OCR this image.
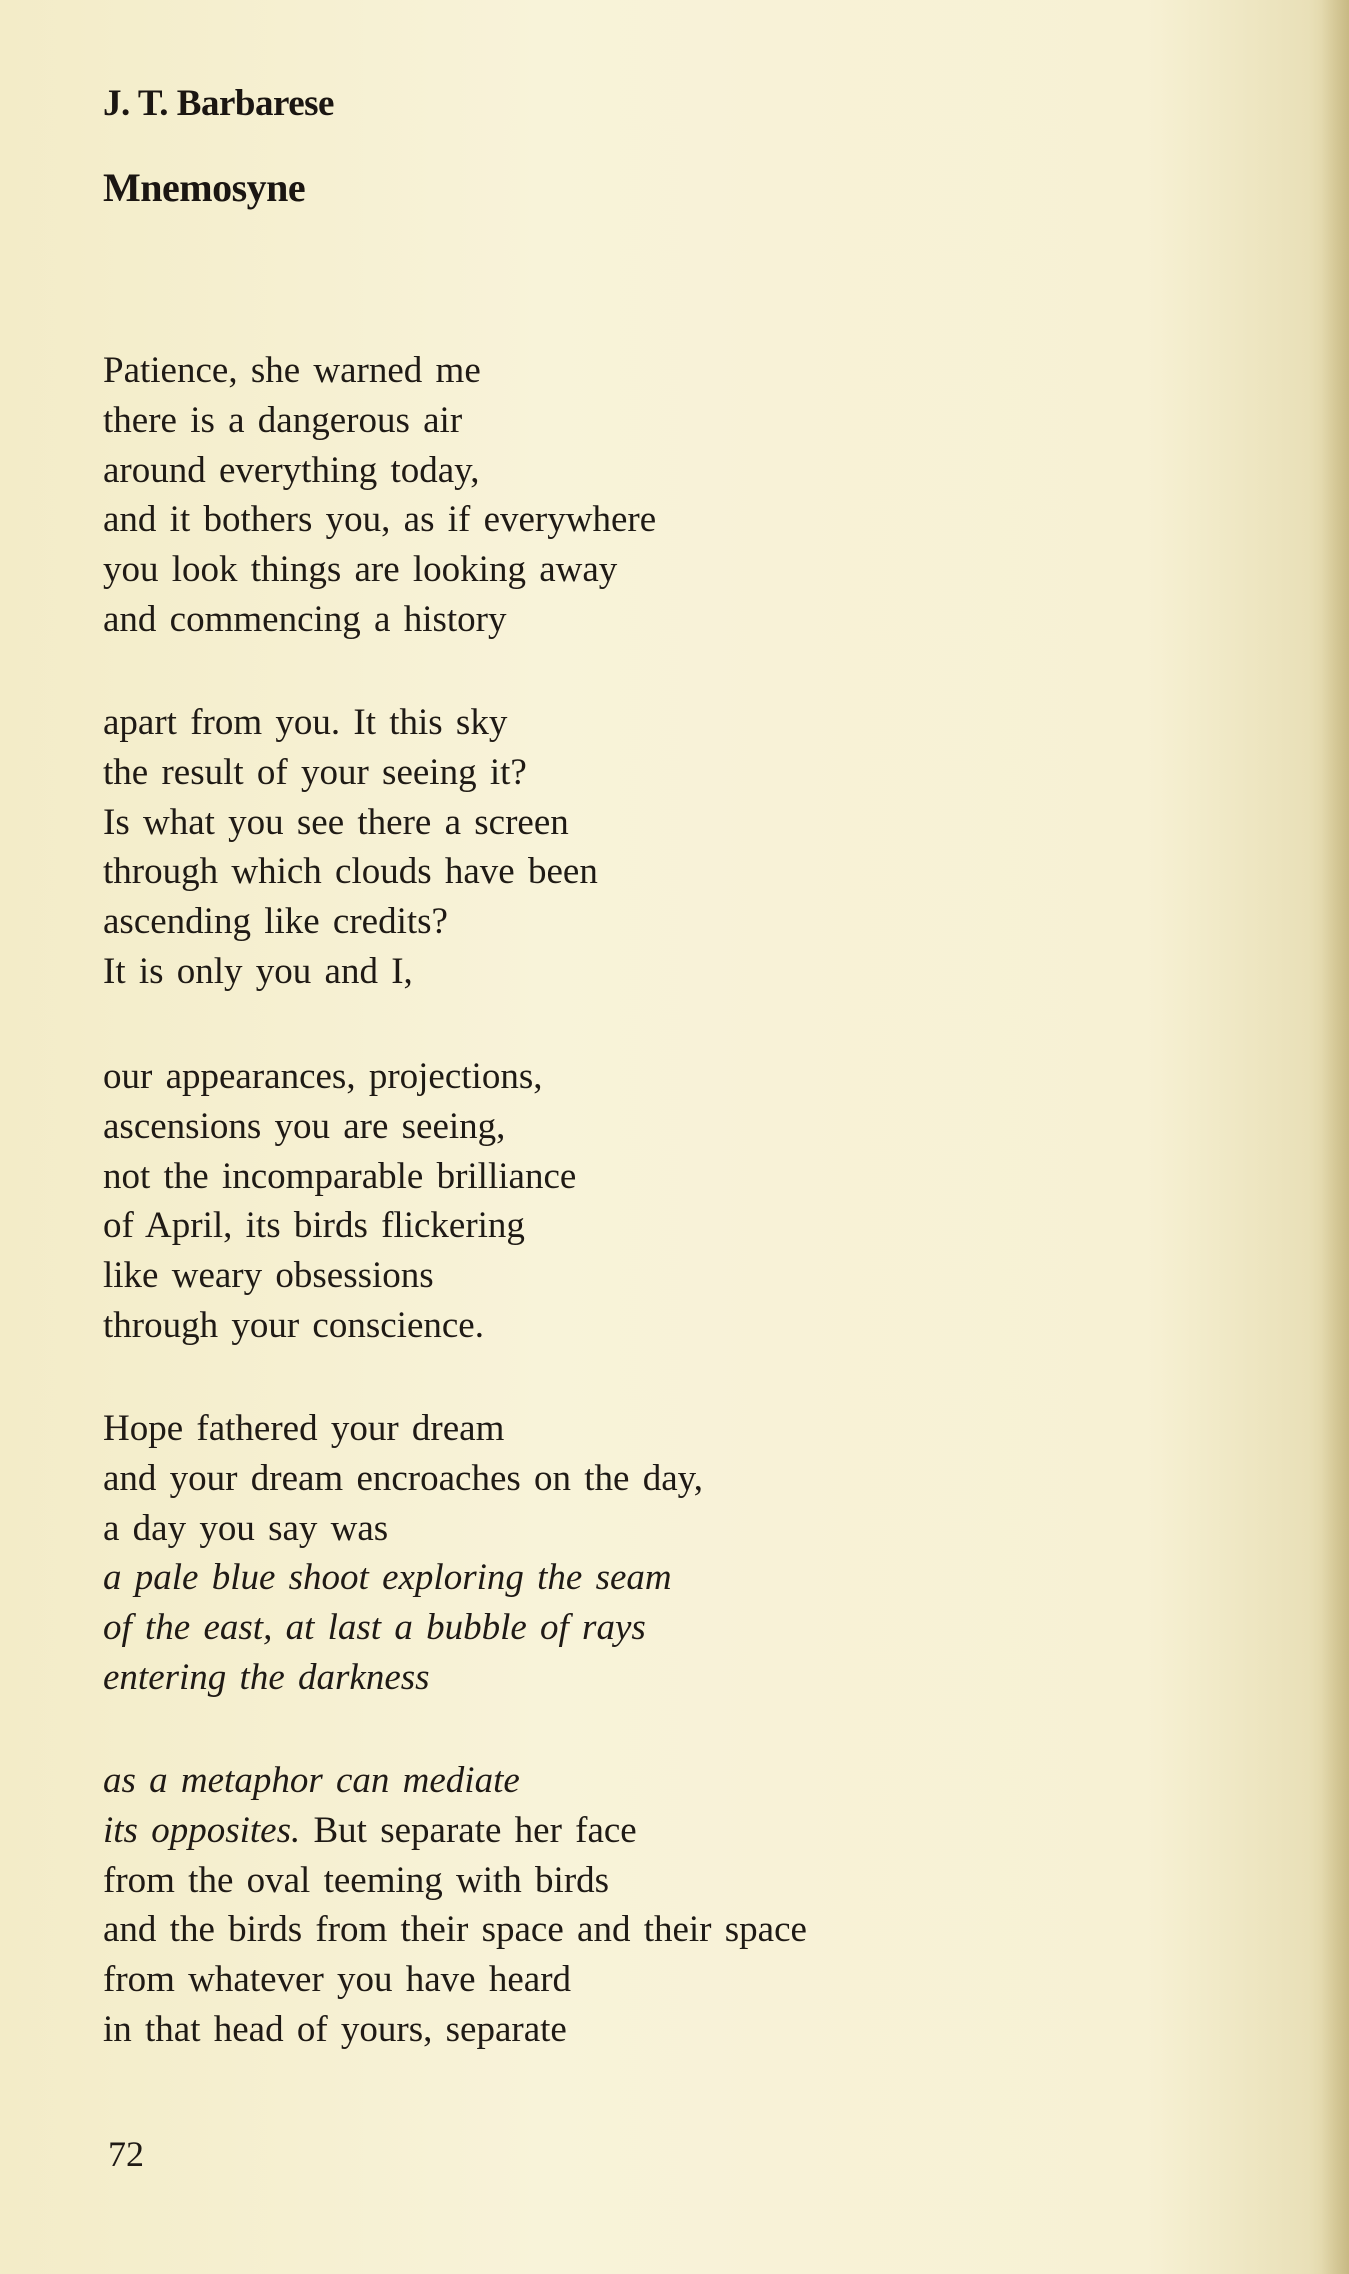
J. T. Barbarese
Mnemosyne
Patience, she warned me
there is a dangerous air
around everything today,
and it bothers you, as if everywhere
you look things are looking away
and commencing a history
apart from you. It this sky
the result of your seeing it?
Is what you see there a screen
through which clouds have been
ascending like credits?
It is only you and I,
our appearances, projections,
ascensions you are seeing,
not the incomparable brilliance
of April, its birds flickering
like weary obsessions
through your conscience.
Hope fathered your dream
and your dream encroaches on the day,
a day you say was
a pale blue shoot exploring the seam
of the east, at last a bubble of rays
entering the darkness
as a metaphor can mediate
its opposites. But separate her face
from the oval teeming with birds
and the birds from their space and their space
from whatever you have heard
in that head of yours, separate
72
